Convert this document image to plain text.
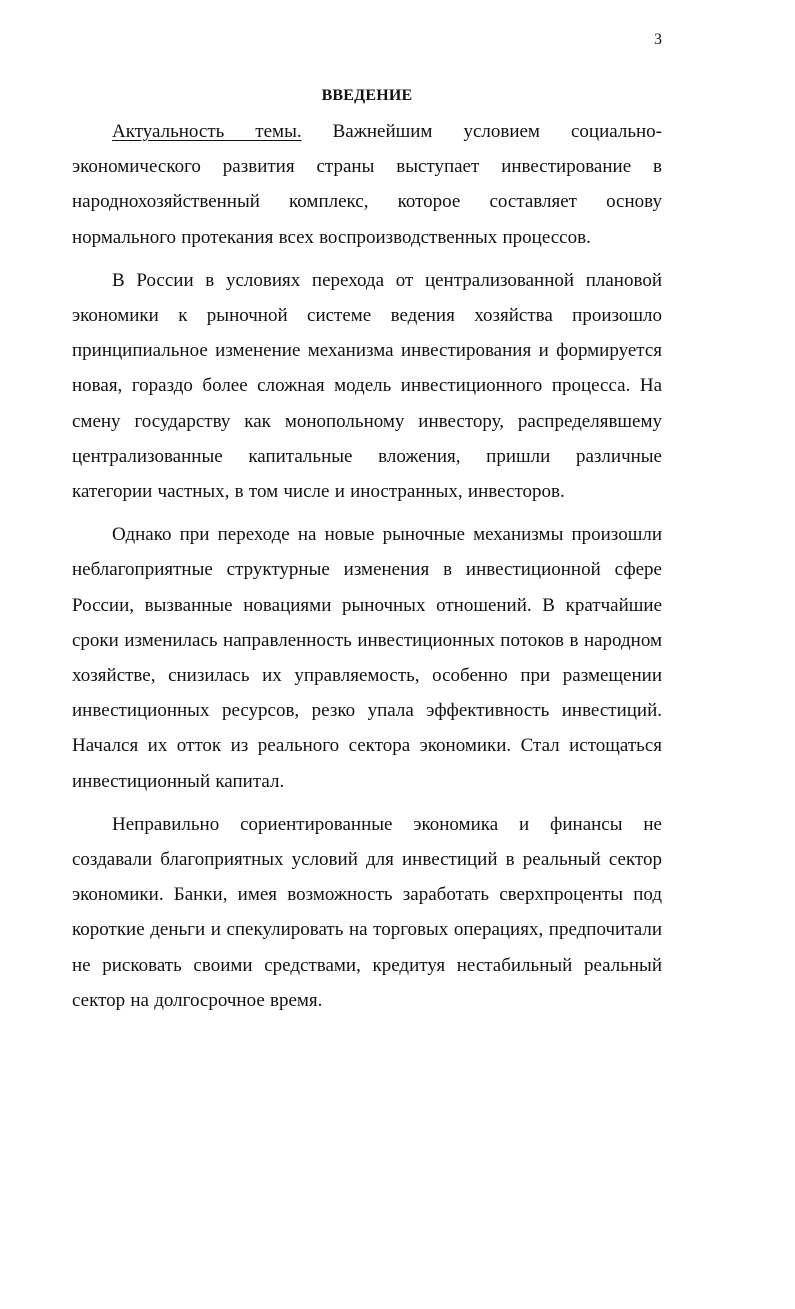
3
ВВЕДЕНИЕ

Актуальность темы. Важнейшим условием социально-экономического развития страны выступает инвестирование в народнохозяйственный комплекс, которое составляет основу нормального протекания всех воспроизводственных процессов.

В России в условиях перехода от централизованной плановой экономики к рыночной системе ведения хозяйства произошло принципиальное изменение механизма инвестирования и формируется новая, гораздо более сложная модель инвестиционного процесса. На смену государству как монопольному инвестору, распределявшему централизованные капитальные вложения, пришли различные категории частных, в том числе и иностранных, инвесторов.

Однако при переходе на новые рыночные механизмы произошли неблагоприятные структурные изменения в инвестиционной сфере России, вызванные новациями рыночных отношений. В кратчайшие сроки изменилась направленность инвестиционных потоков в народном хозяйстве, снизилась их управляемость, особенно при размещении инвестиционных ресурсов, резко упала эффективность инвестиций. Начался их отток из реального сектора экономики. Стал истощаться инвестиционный капитал.

Неправильно сориентированные экономика и финансы не создавали благоприятных условий для инвестиций в реальный сектор экономики. Банки, имея возможность заработать сверхпроценты под короткие деньги и спекулировать на торговых операциях, предпочитали не рисковать своими средствами, кредитуя нестабильный реальный сектор на долгосрочное время.
